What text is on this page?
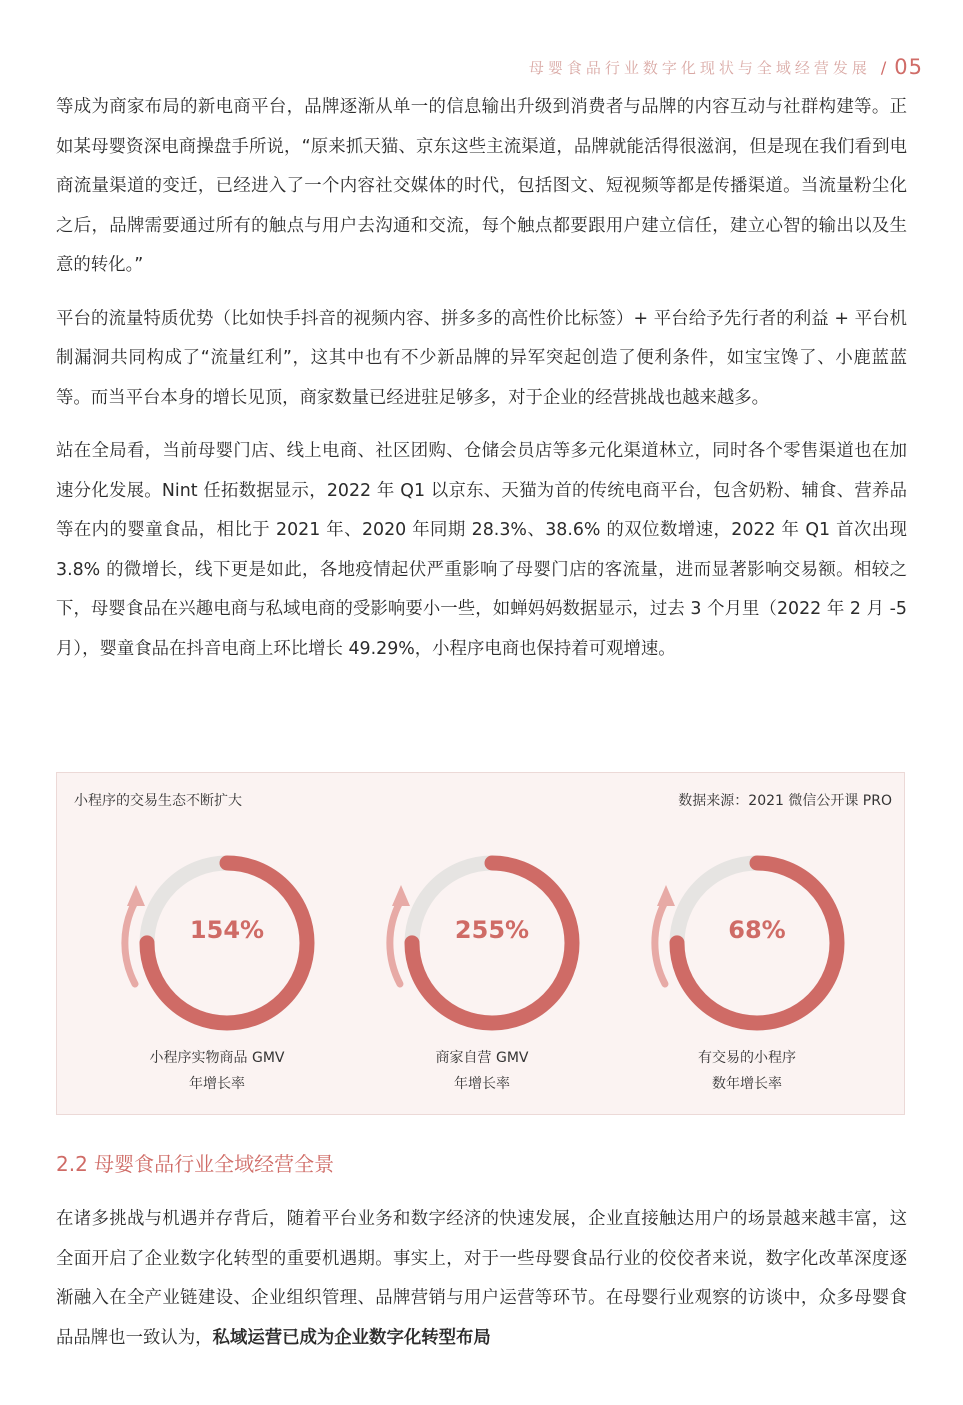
母婴食品行业数字化现状与全域经营发展 / 05

等成为商家布局的新电商平台，品牌逐渐从单一的信息输出升级到消费者与品牌的内容互动与社群构建等。正如某母婴资深电商操盘手所说，“原来抓天猫、京东这些主流渠道，品牌就能活得很滋润，但是现在我们看到电商流量渠道的变迁，已经进入了一个内容社交媒体的时代，包括图文、短视频等都是传播渠道。当流量粉尘化之后，品牌需要通过所有的触点与用户去沟通和交流，每个触点都要跟用户建立信任，建立心智的输出以及生意的转化。”

平台的流量特质优势（比如快手抖音的视频内容、拼多多的高性价比标签）+ 平台给予先行者的利益 + 平台机制漏洞共同构成了“流量红利”，这其中也有不少新品牌的异军突起创造了便利条件，如宝宝馋了、小鹿蓝蓝等。而当平台本身的增长见顶，商家数量已经进驻足够多，对于企业的经营挑战也越来越多。

站在全局看，当前母婴门店、线上电商、社区团购、仓储会员店等多元化渠道林立，同时各个零售渠道也在加速分化发展。Nint 任拓数据显示，2022 年 Q1 以京东、天猫为首的传统电商平台，包含奶粉、辅食、营养品等在内的婴童食品，相比于 2021 年、2020 年同期 28.3%、38.6% 的双位数增速，2022 年 Q1 首次出现 3.8% 的微增长，线下更是如此，各地疫情起伏严重影响了母婴门店的客流量，进而显著影响交易额。相较之下，母婴食品在兴趣电商与私域电商的受影响要小一些，如蝉妈妈数据显示，过去 3 个月里（2022 年 2 月 -5 月），婴童食品在抖音电商上环比增长 49.29%，小程序电商也保持着可观增速。

小程序的交易生态不断扩大	数据来源：2021 微信公开课 PRO
154%
小程序实物商品 GMV
年增长率
255%
商家自营 GMV
年增长率
68%
有交易的小程序
数年增长率
2.2 母婴食品行业全域经营全景

在诸多挑战与机遇并存背后，随着平台业务和数字经济的快速发展，企业直接触达用户的场景越来越丰富，这全面开启了企业数字化转型的重要机遇期。事实上，对于一些母婴食品行业的佼佼者来说，数字化改革深度逐渐融入在全产业链建设、企业组织管理、品牌营销与用户运营等环节。在母婴行业观察的访谈中，众多母婴食品品牌也一致认为，私域运营已成为企业数字化转型布局
